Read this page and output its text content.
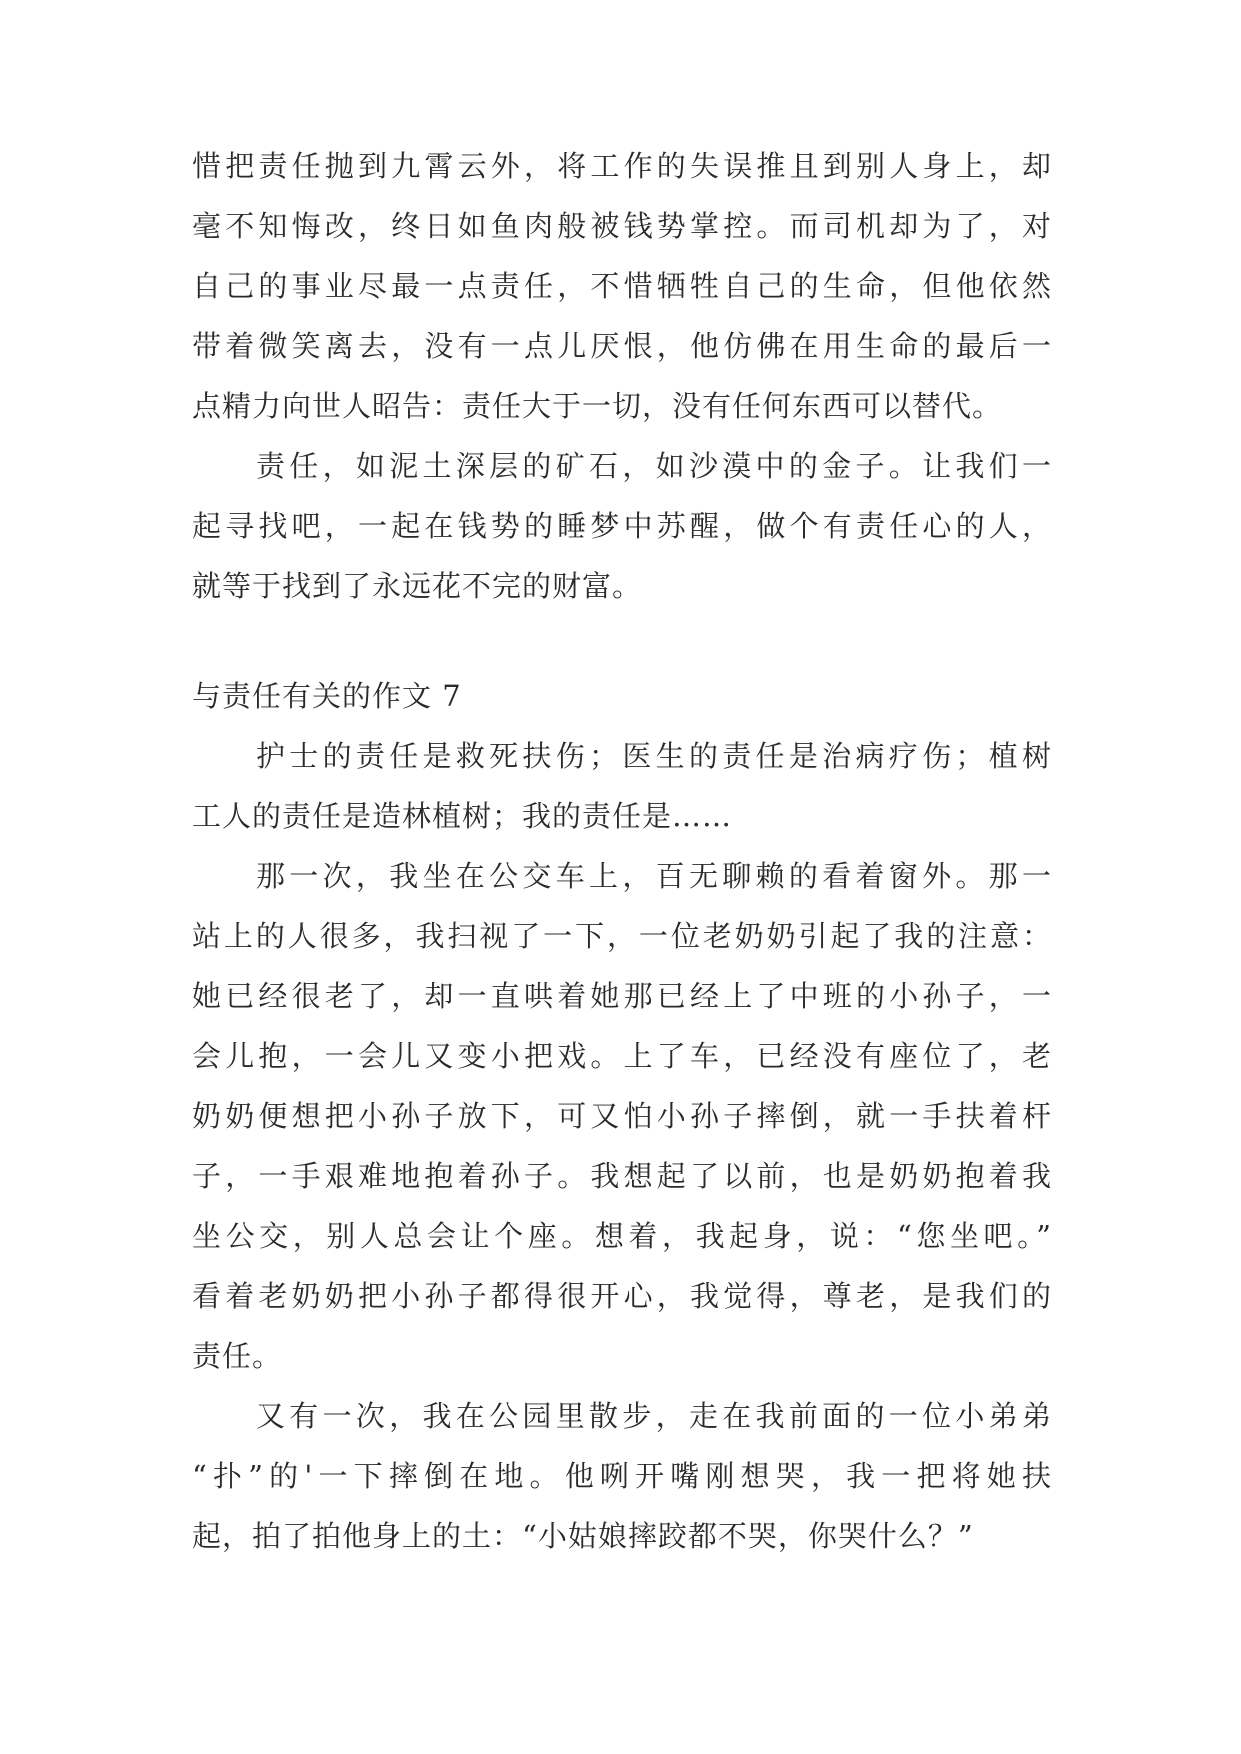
惜把责任抛到九霄云外，将工作的失误推且到别人身上，却
毫不知悔改，终日如鱼肉般被钱势掌控。而司机却为了，对
自己的事业尽最一点责任，不惜牺牲自己的生命，但他依然
带着微笑离去，没有一点儿厌恨，他仿佛在用生命的最后一
点精力向世人昭告：责任大于一切，没有任何东西可以替代。
责任，如泥土深层的矿石，如沙漠中的金子。让我们一
起寻找吧，一起在钱势的睡梦中苏醒，做个有责任心的人，
就等于找到了永远花不完的财富。
与责任有关的作文 7
护士的责任是救死扶伤；医生的责任是治病疗伤；植树
工人的责任是造林植树；我的责任是……
那一次，我坐在公交车上，百无聊赖的看着窗外。那一
站上的人很多，我扫视了一下，一位老奶奶引起了我的注意：
她已经很老了，却一直哄着她那已经上了中班的小孙子，一
会儿抱，一会儿又变小把戏。上了车，已经没有座位了，老
奶奶便想把小孙子放下，可又怕小孙子摔倒，就一手扶着杆
子，一手艰难地抱着孙子。我想起了以前，也是奶奶抱着我
坐公交，别人总会让个座。想着，我起身，说：“您坐吧。”
看着老奶奶把小孙子都得很开心，我觉得，尊老，是我们的
责任。
又有一次，我在公园里散步，走在我前面的一位小弟弟
“扑”的'一下摔倒在地。他咧开嘴刚想哭，我一把将她扶
起，拍了拍他身上的土：“小姑娘摔跤都不哭，你哭什么？”
